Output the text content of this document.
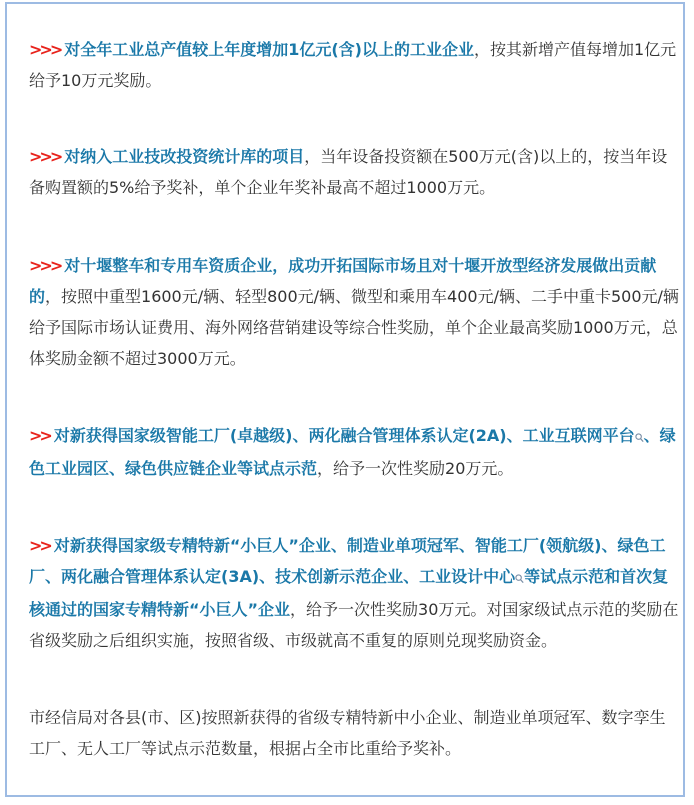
>>> 对全年工业总产值较上年度增加1亿元(含)以上的工业企业，按其新增产值每增加1亿元给予10万元奖励。

>>> 对纳入工业技改投资统计库的项目，当年设备投资额在500万元(含)以上的，按当年设备购置额的5%给予奖补，单个企业年奖补最高不超过1000万元。

>>> 对十堰整车和专用车资质企业，成功开拓国际市场且对十堰开放型经济发展做出贡献的，按照中重型1600元/辆、轻型800元/辆、微型和乘用车400元/辆、二手中重卡500元/辆给予国际市场认证费用、海外网络营销建设等综合性奖励，单个企业最高奖励1000万元，总体奖励金额不超过3000万元。

>> 对新获得国家级智能工厂(卓越级)、两化融合管理体系认定(2A)、工业互联网平台 、绿色工业园区、绿色供应链企业等试点示范，给予一次性奖励20万元。

>> 对新获得国家级专精特新“小巨人”企业、制造业单项冠军、智能工厂(领航级)、绿色工厂、两化融合管理体系认定(3A)、技术创新示范企业、工业设计中心 等试点示范和首次复核通过的国家专精特新“小巨人”企业，给予一次性奖励30万元。对国家级试点示范的奖励在省级奖励之后组织实施，按照省级、市级就高不重复的原则兑现奖励资金。

市经信局对各县(市、区)按照新获得的省级专精特新中小企业、制造业单项冠军、数字孪生工厂、无人工厂等试点示范数量，根据占全市比重给予奖补。
